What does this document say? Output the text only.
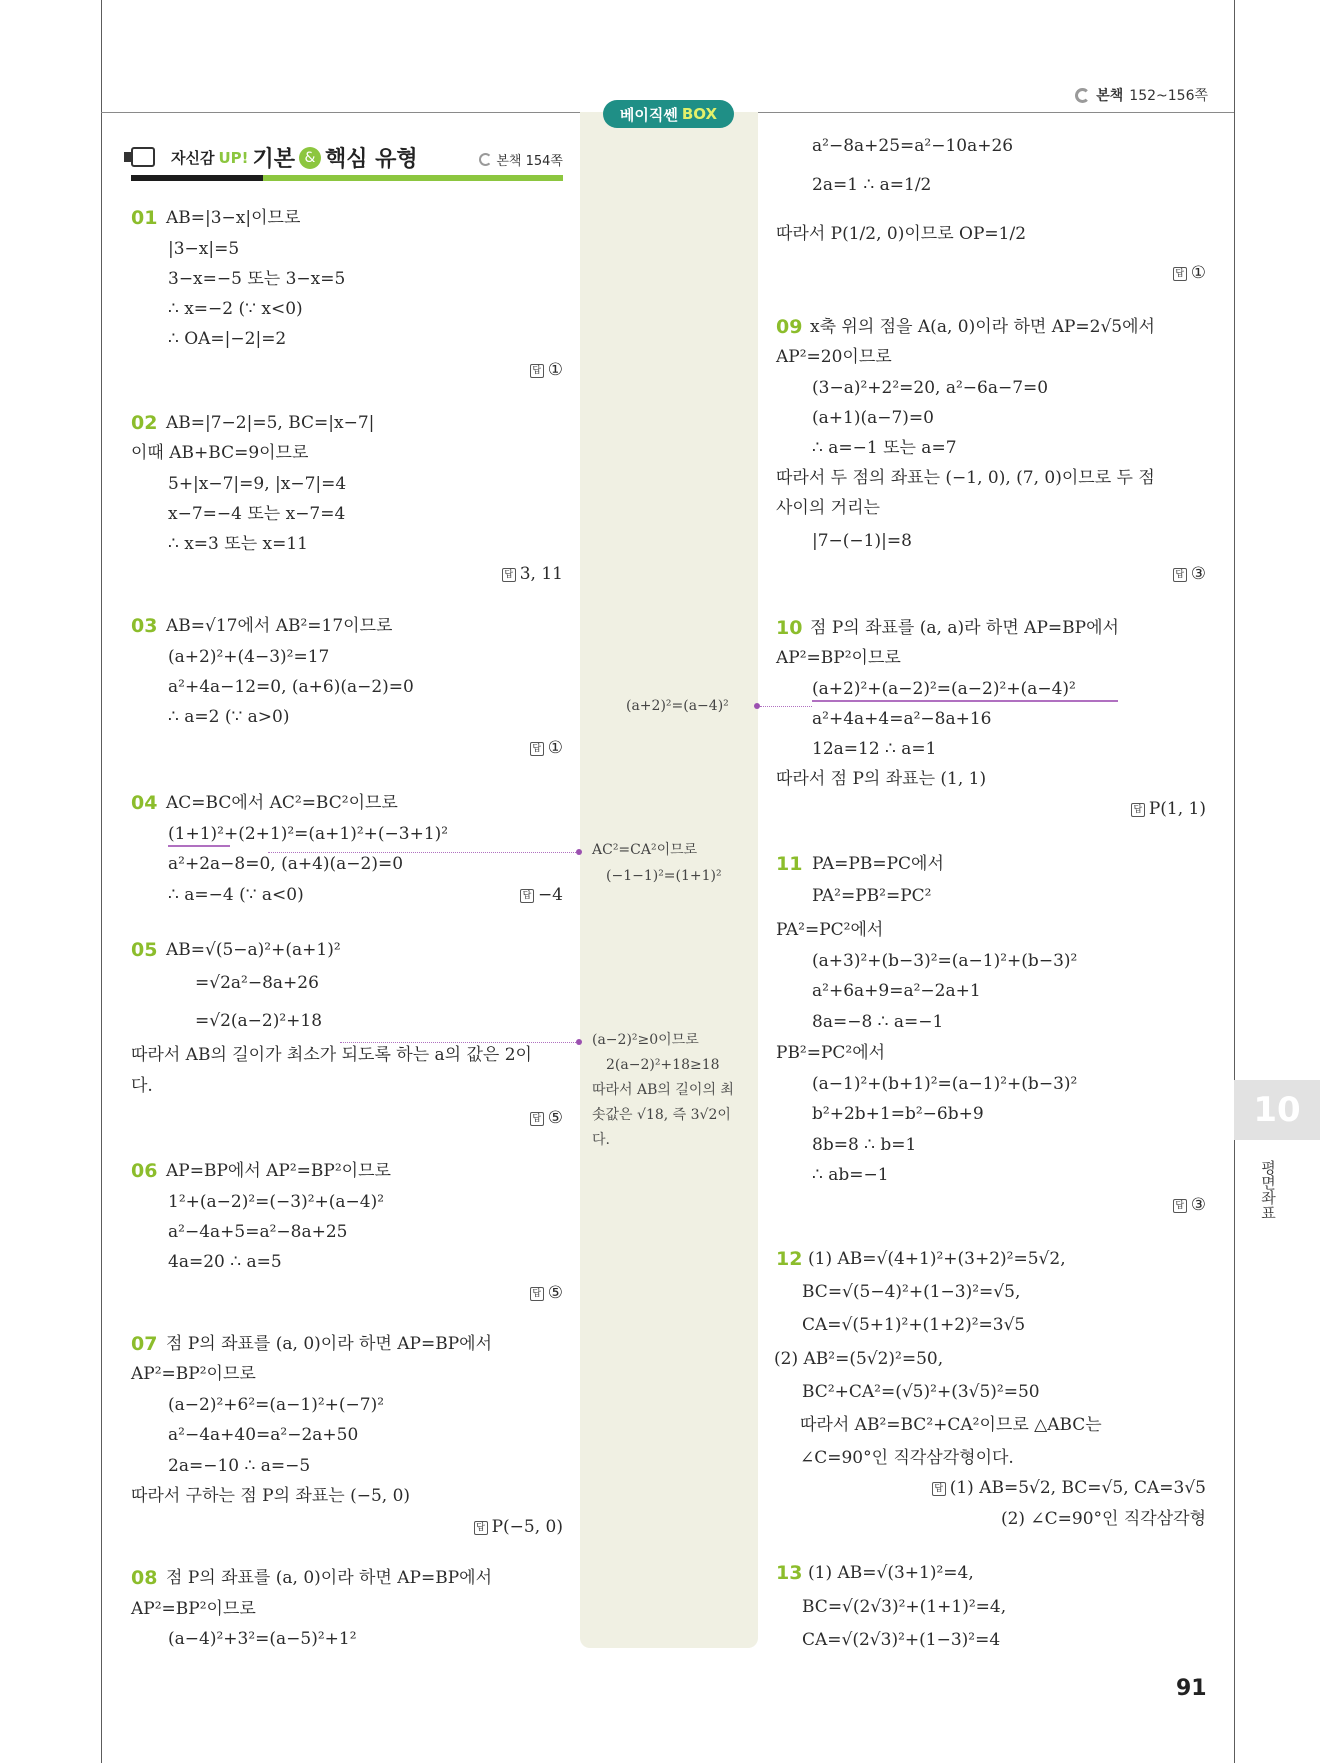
본책 152~156쪽
베이직쎈 BOX
자신감 UP! 기본 & 핵심 유형	본책 154쪽
01 AB=|3−x|이므로
|3−x|=5
3−x=−5 또는 3−x=5
∴ x=−2 (∵ x<0)
∴ OA=|−2|=2
답 ①
02 AB=|7−2|=5, BC=|x−7|
이때 AB+BC=9이므로
5+|x−7|=9, |x−7|=4
x−7=−4 또는 x−7=4
∴ x=3 또는 x=11
답 3, 11
03 AB=√17에서 AB²=17이므로
(a+2)²+(4−3)²=17
a²+4a−12=0, (a+6)(a−2)=0
∴ a=2 (∵ a>0)
답 ①
04 AC=BC에서 AC²=BC²이므로
(1+1)²+(2+1)²=(a+1)²+(−3+1)²
a²+2a−8=0, (a+4)(a−2)=0
∴ a=−4 (∵ a<0)	답 −4
05 AB=√(5−a)²+(a+1)²
=√2a²−8a+26
=√2(a−2)²+18
따라서 AB의 길이가 최소가 되도록 하는 a의 값은 2이
다.
답 ⑤
06 AP=BP에서 AP²=BP²이므로
1²+(a−2)²=(−3)²+(a−4)²
a²−4a+5=a²−8a+25
4a=20 ∴ a=5
답 ⑤
07 점 P의 좌표를 (a, 0)이라 하면 AP=BP에서
AP²=BP²이므로
(a−2)²+6²=(a−1)²+(−7)²
a²−4a+40=a²−2a+50
2a=−10 ∴ a=−5
따라서 구하는 점 P의 좌표는 (−5, 0)
답 P(−5, 0)
08 점 P의 좌표를 (a, 0)이라 하면 AP=BP에서
AP²=BP²이므로
(a−4)²+3²=(a−5)²+1²
(a+2)²=(a−4)²
AC²=CA²이므로
(−1−1)²=(1+1)²
(a−2)²≥0이므로
2(a−2)²+18≥18
따라서 AB의 길이의 최
솟값은 √18, 즉 3√2이
다.
a²−8a+25=a²−10a+26
2a=1 ∴ a=1/2
따라서 P(1/2, 0)이므로 OP=1/2
답 ①
09 x축 위의 점을 A(a, 0)이라 하면 AP=2√5에서
AP²=20이므로
(3−a)²+2²=20, a²−6a−7=0
(a+1)(a−7)=0
∴ a=−1 또는 a=7
따라서 두 점의 좌표는 (−1, 0), (7, 0)이므로 두 점
사이의 거리는
|7−(−1)|=8
답 ③
10 점 P의 좌표를 (a, a)라 하면 AP=BP에서
AP²=BP²이므로
(a+2)²+(a−2)²=(a−2)²+(a−4)²
a²+4a+4=a²−8a+16
12a=12 ∴ a=1
따라서 점 P의 좌표는 (1, 1)
답 P(1, 1)
11 PA=PB=PC에서
PA²=PB²=PC²
PA²=PC²에서
(a+3)²+(b−3)²=(a−1)²+(b−3)²
a²+6a+9=a²−2a+1
8a=−8 ∴ a=−1
PB²=PC²에서
(a−1)²+(b+1)²=(a−1)²+(b−3)²
b²+2b+1=b²−6b+9
8b=8 ∴ b=1
∴ ab=−1
답 ③
12 (1) AB=√(4+1)²+(3+2)²=5√2,
BC=√(5−4)²+(1−3)²=√5,
CA=√(5+1)²+(1+2)²=3√5
(2) AB²=(5√2)²=50,
BC²+CA²=(√5)²+(3√5)²=50
따라서 AB²=BC²+CA²이므로 △ABC는
∠C=90°인 직각삼각형이다.
답 (1) AB=5√2, BC=√5, CA=3√5
(2) ∠C=90°인 직각삼각형
13 (1) AB=√(3+1)²=4,
BC=√(2√3)²+(1+1)²=4,
CA=√(2√3)²+(1−3)²=4
10
평면좌표
91
